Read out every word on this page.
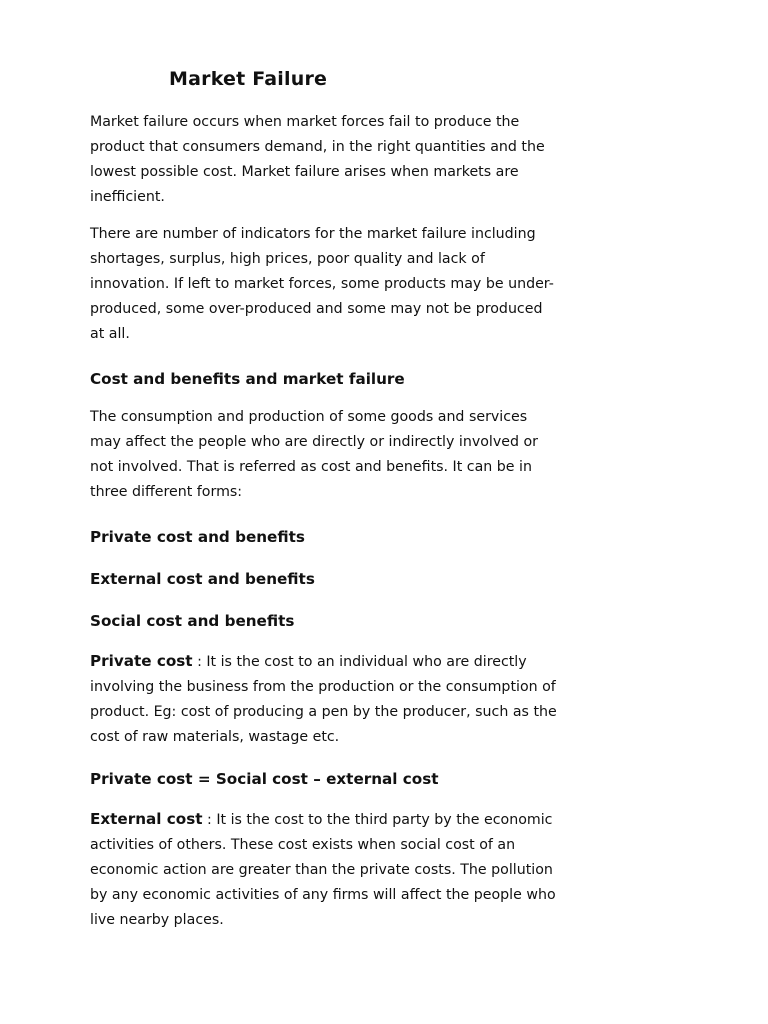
Market Failure

Market failure occurs when market forces fail to produce the product that consumers demand, in the right quantities and the lowest possible cost. Market failure arises when markets are inefficient.

There are number of indicators for the market failure including shortages, surplus, high prices, poor quality and lack of innovation. If left to market forces, some products may be under-produced, some over-produced and some may not be produced at all.

Cost and benefits and market failure

The consumption and production of some goods and services may affect the people who are directly or indirectly involved or not involved. That is referred as cost and benefits. It can be in three different forms:

Private cost and benefits
External cost and benefits
Social cost and benefits

Private cost : It is the cost to an individual who are directly involving the business from the production or the consumption of product. Eg: cost of producing a pen by the producer, such as the cost of raw materials, wastage etc.

Private cost = Social cost – external cost

External cost : It is the cost to the third party by the economic activities of others. These cost exists when social cost of an economic action are greater than the private costs. The pollution by any economic activities of any firms will affect the people who live nearby places.
